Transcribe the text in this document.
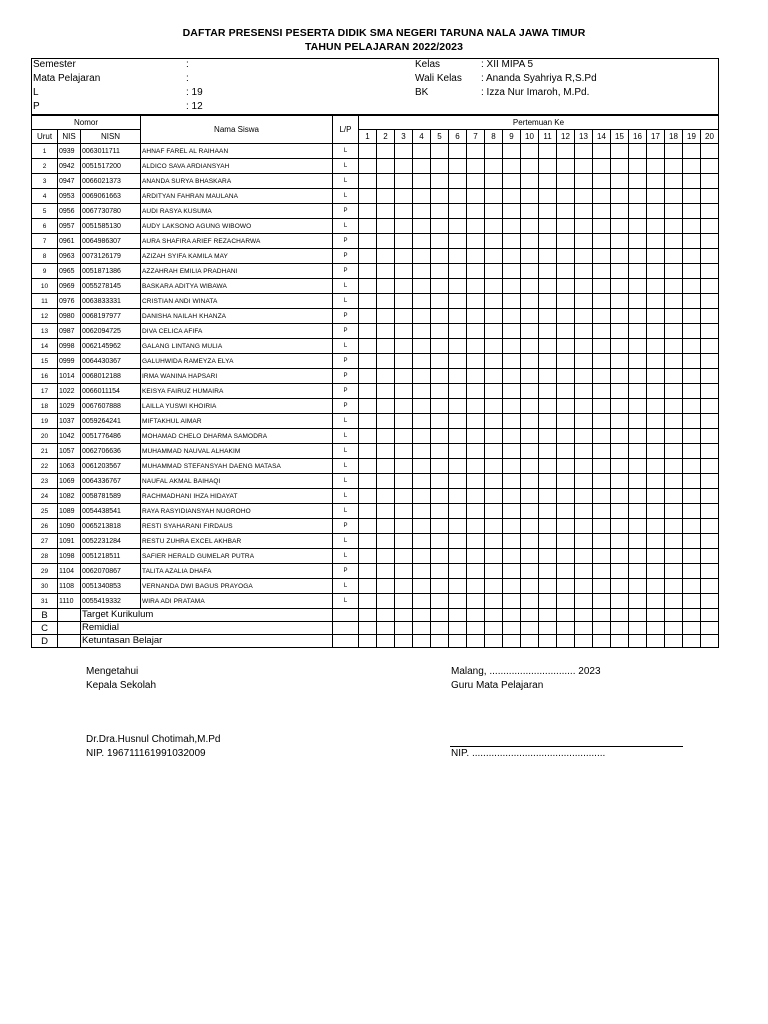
DAFTAR PRESENSI PESERTA DIDIK SMA NEGERI TARUNA NALA JAWA TIMUR
TAHUN PELAJARAN 2022/2023
Semester	:
Mata Pelajaran	:
L	: 19
P	: 12
Kelas	: XII MIPA 5
Wali Kelas : Ananda Syahriya R,S.Pd
BK	: Izza Nur Imaroh, M.Pd.
Nomor			Nama Siswa	L/P	Pertemuan Ke																			
Urut	NIS	NISN			1	2	3	4	5	6	7	8	9	10	11	12	13	14	15	16	17	18	19	20
1	0939	0063011711	AHNAF FAREL AL RAIHAAN	L																				
2	0942	0051517200	ALDICO SAVA ARDIANSYAH	L																				
3	0947	0066021373	ANANDA SURYA BHASKARA	L																				
4	0953	0069061663	ARDITYAN FAHRAN MAULANA	L																				
5	0956	0067730780	AUDI RASYA KUSUMA	P																				
6	0957	0051585130	AUDY LAKSONO AGUNG WIBOWO	L																				
7	0961	0064986307	AURA SHAFIRA ARIEF REZACHARWA	P																				
8	0963	0073126179	AZIZAH SYIFA KAMILA MAY	P																				
9	0965	0051871386	AZZAHRAH EMILIA PRADHANI	P																				
10	0969	0055278145	BASKARA ADITYA WIBAWA	L																				
11	0976	0063833331	CRISTIAN ANDI WINATA	L																				
12	0980	0068197977	DANISHA NAILAH KHANZA	P																				
13	0987	0062094725	DIVA CELICA AFIFA	P																				
14	0998	0062145962	GALANG LINTANG MULIA	L																				
15	0999	0064430367	GALUHWIDA RAMEYZA ELYA	P																				
16	1014	0068012188	IRMA WANINA HAPSARI	P																				
17	1022	0066011154	KEISYA FAIRUZ HUMAIRA	P																				
18	1029	0067607888	LAILLA YUSWI KHOIRIA	P																				
19	1037	0059264241	MIFTAKHUL AIMAR	L																				
20	1042	0051776486	MOHAMAD CHELO DHARMA SAMODRA	L																				
21	1057	0062706636	MUHAMMAD NAUVAL ALHAKIM	L																				
22	1063	0061203567	MUHAMMAD STEFANSYAH DAENG MATASA	L																				
23	1069	0064336767	NAUFAL AKMAL BAIHAQI	L																				
24	1082	0058781589	RACHMADHANI IHZA HIDAYAT	L																				
25	1089	0054438541	RAYA RASYIDIANSYAH NUGROHO	L																				
26	1090	0065213818	RESTI SYAHARANI FIRDAUS	P																				
27	1091	0052231284	RESTU ZUHRA EXCEL AKHBAR	L																				
28	1098	0051218511	SAFIER HERALD GUMELAR PUTRA	L																				
29	1104	0062070867	TALITA AZALIA DHAFA	P																				
30	1108	0051340853	VERNANDA DWI BAGUS PRAYOGA	L																				
31	1110	0055419332	WIRA ADI PRATAMA	L																				
B		Target Kurikulum																						

C		Remidial																						

D		Ketuntasan Belajar																						

Mengetahui
Kepala Sekolah
Dr.Dra.Husnul Chotimah,M.Pd
NIP. 196711161991032009
Malang, ............................... 2023
Guru Mata Pelajaran
NIP. ................................................
